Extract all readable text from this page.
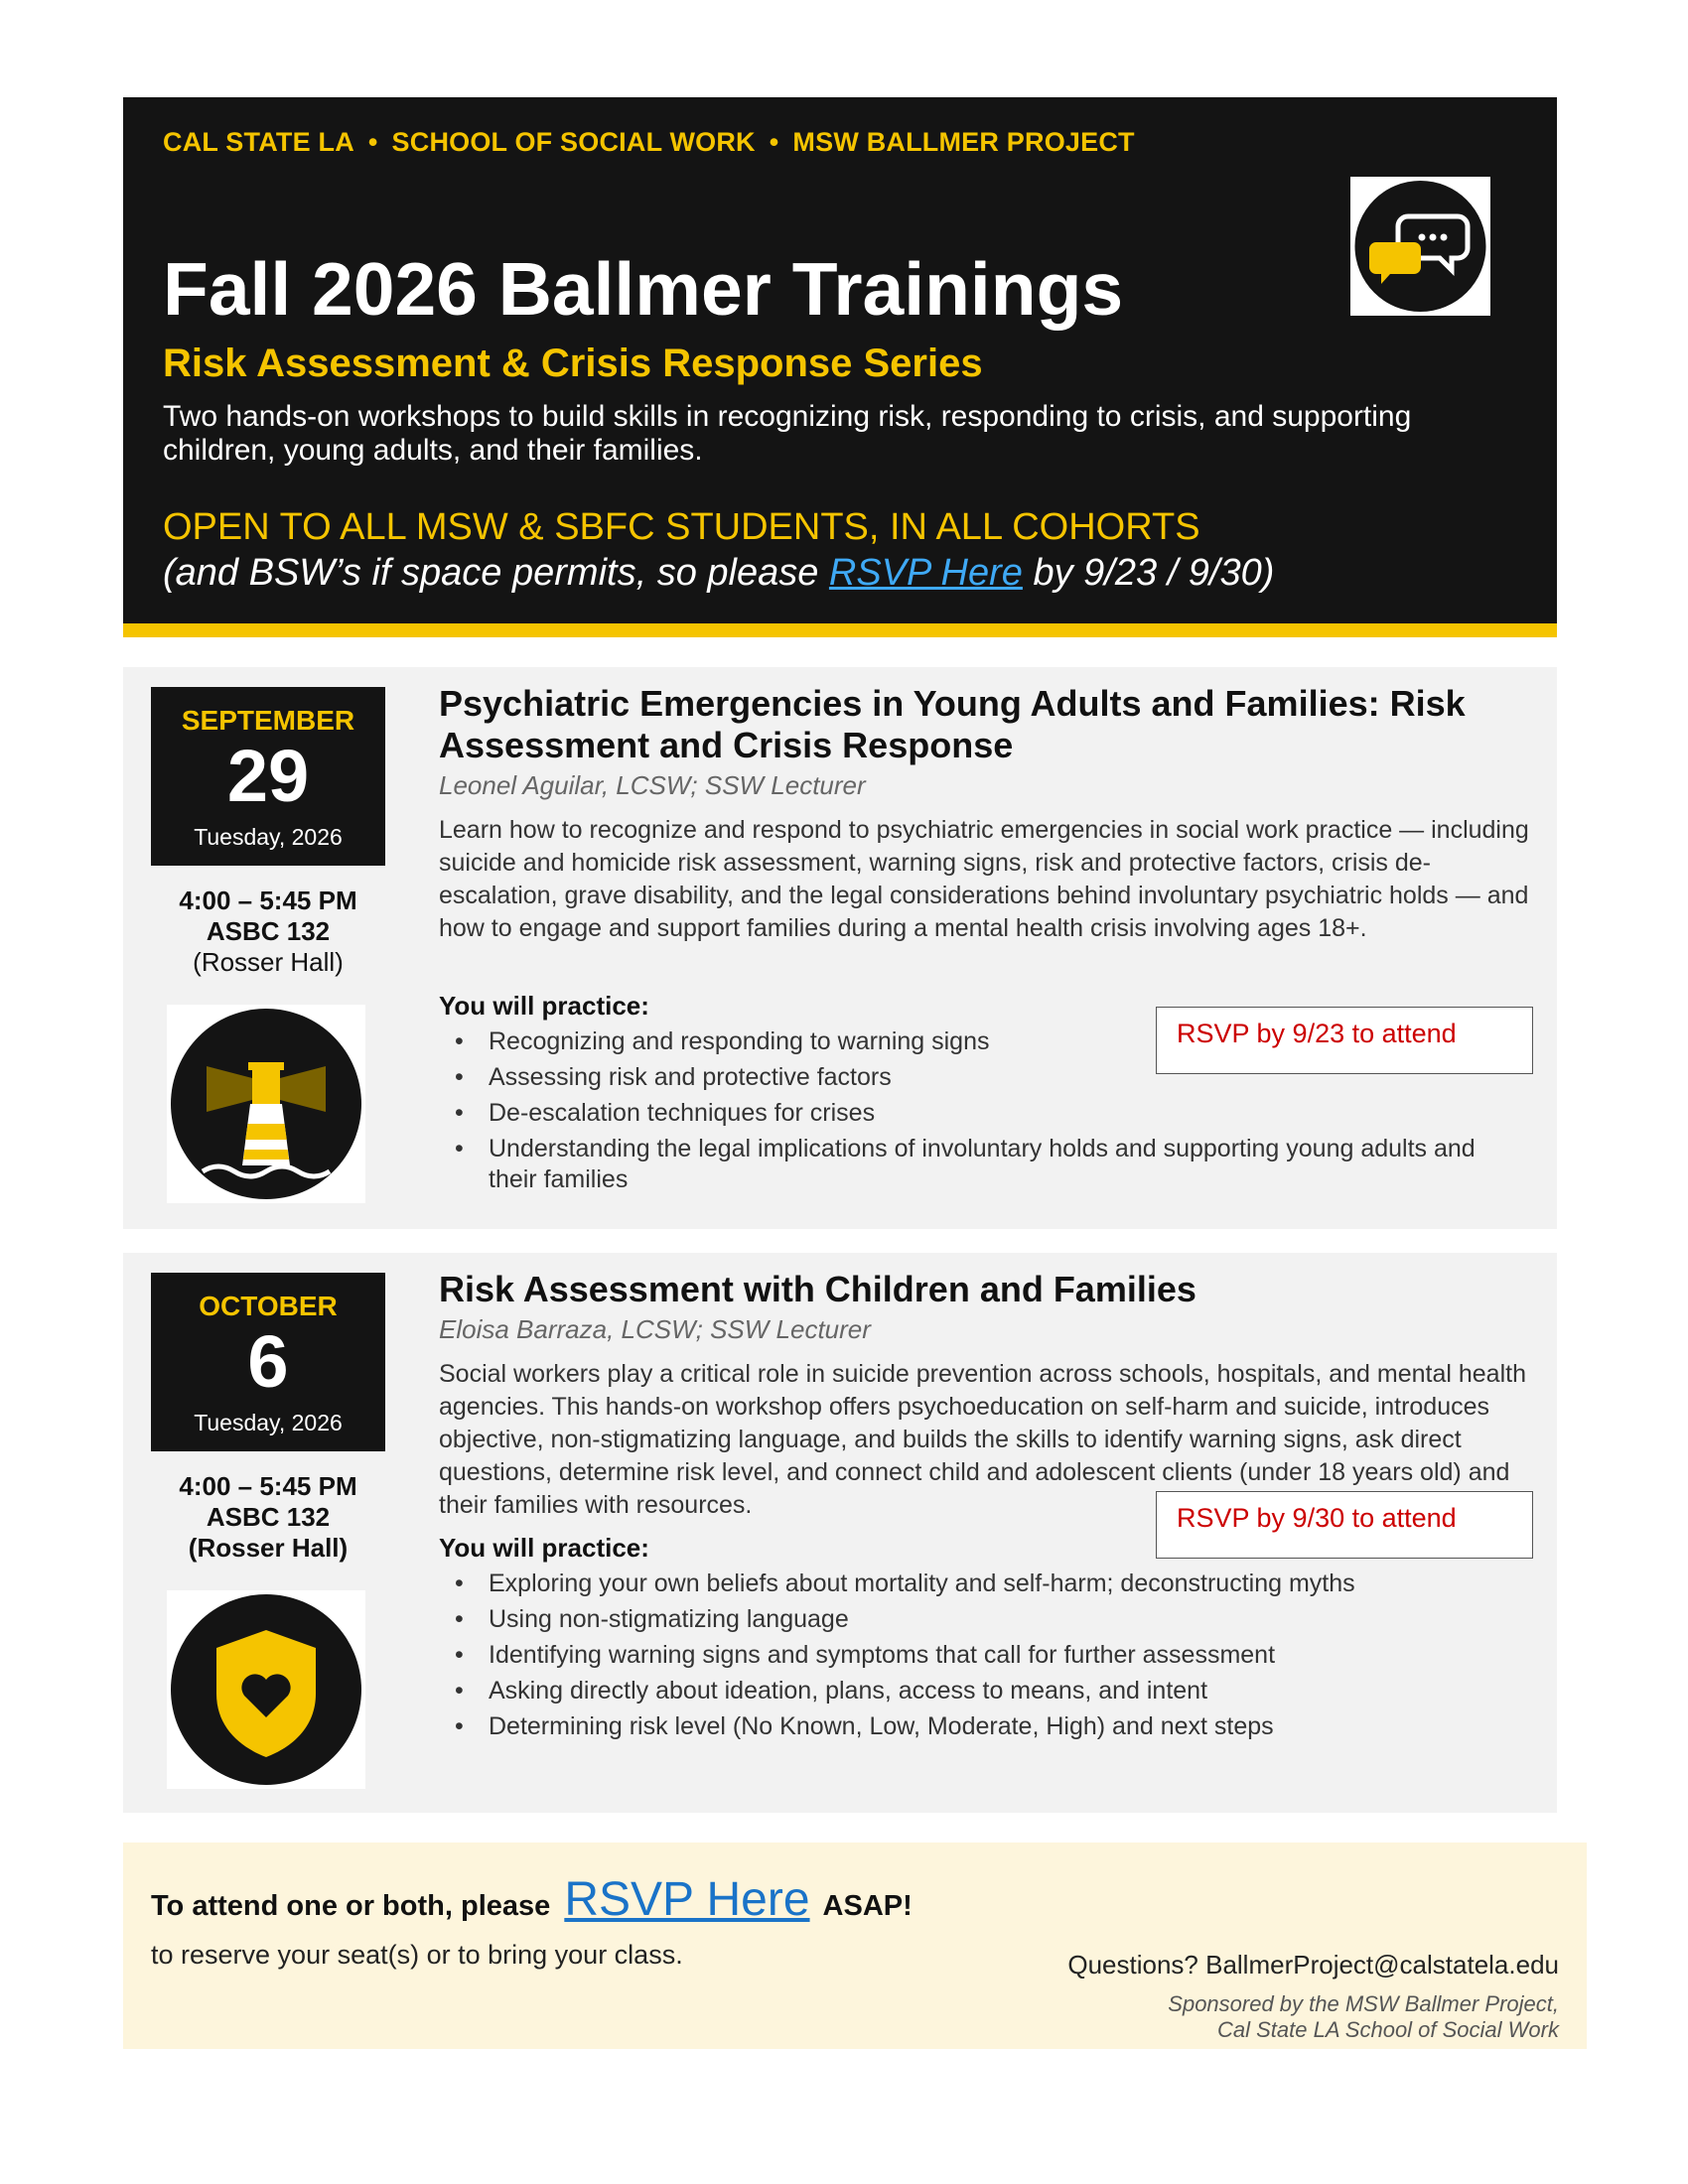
CAL STATE LA • SCHOOL OF SOCIAL WORK • MSW BALLMER PROJECT
Fall 2026 Ballmer Trainings
Risk Assessment & Crisis Response Series
Two hands-on workshops to build skills in recognizing risk, responding to crisis, and supporting children, young adults, and their families.
OPEN TO ALL MSW & SBFC STUDENTS, IN ALL COHORTS
(and BSW’s if space permits, so please RSVP Here by 9/23 / 9/30)
SEPTEMBER
29
Tuesday, 2026
4:00 – 5:45 PM
ASBC 132
(Rosser Hall)
Psychiatric Emergencies in Young Adults and Families: Risk Assessment and Crisis Response
Leonel Aguilar, LCSW; SSW Lecturer
Learn how to recognize and respond to psychiatric emergencies in social work practice — including suicide and homicide risk assessment, warning signs, risk and protective factors, crisis de-escalation, grave disability, and the legal considerations behind involuntary psychiatric holds — and how to engage and support families during a mental health crisis involving ages 18+.
You will practice:
• Recognizing and responding to warning signs
• Assessing risk and protective factors
• De-escalation techniques for crises
• Understanding the legal implications of involuntary holds and supporting young adults and their families
RSVP by 9/23 to attend
OCTOBER
6
Tuesday, 2026
4:00 – 5:45 PM
ASBC 132
(Rosser Hall)
Risk Assessment with Children and Families
Eloisa Barraza, LCSW; SSW Lecturer
Social workers play a critical role in suicide prevention across schools, hospitals, and mental health agencies. This hands-on workshop offers psychoeducation on self-harm and suicide, introduces objective, non-stigmatizing language, and builds the skills to identify warning signs, ask direct questions, determine risk level, and connect child and adolescent clients (under 18 years old) and their families with resources.
You will practice:
• Exploring your own beliefs about mortality and self-harm; deconstructing myths
• Using non-stigmatizing language
• Identifying warning signs and symptoms that call for further assessment
• Asking directly about ideation, plans, access to means, and intent
• Determining risk level (No Known, Low, Moderate, High) and next steps
RSVP by 9/30 to attend
To attend one or both, please RSVP Here ASAP!
to reserve your seat(s) or to bring your class.	Questions? BallmerProject@calstatela.edu
Sponsored by the MSW Ballmer Project,
Cal State LA School of Social Work
